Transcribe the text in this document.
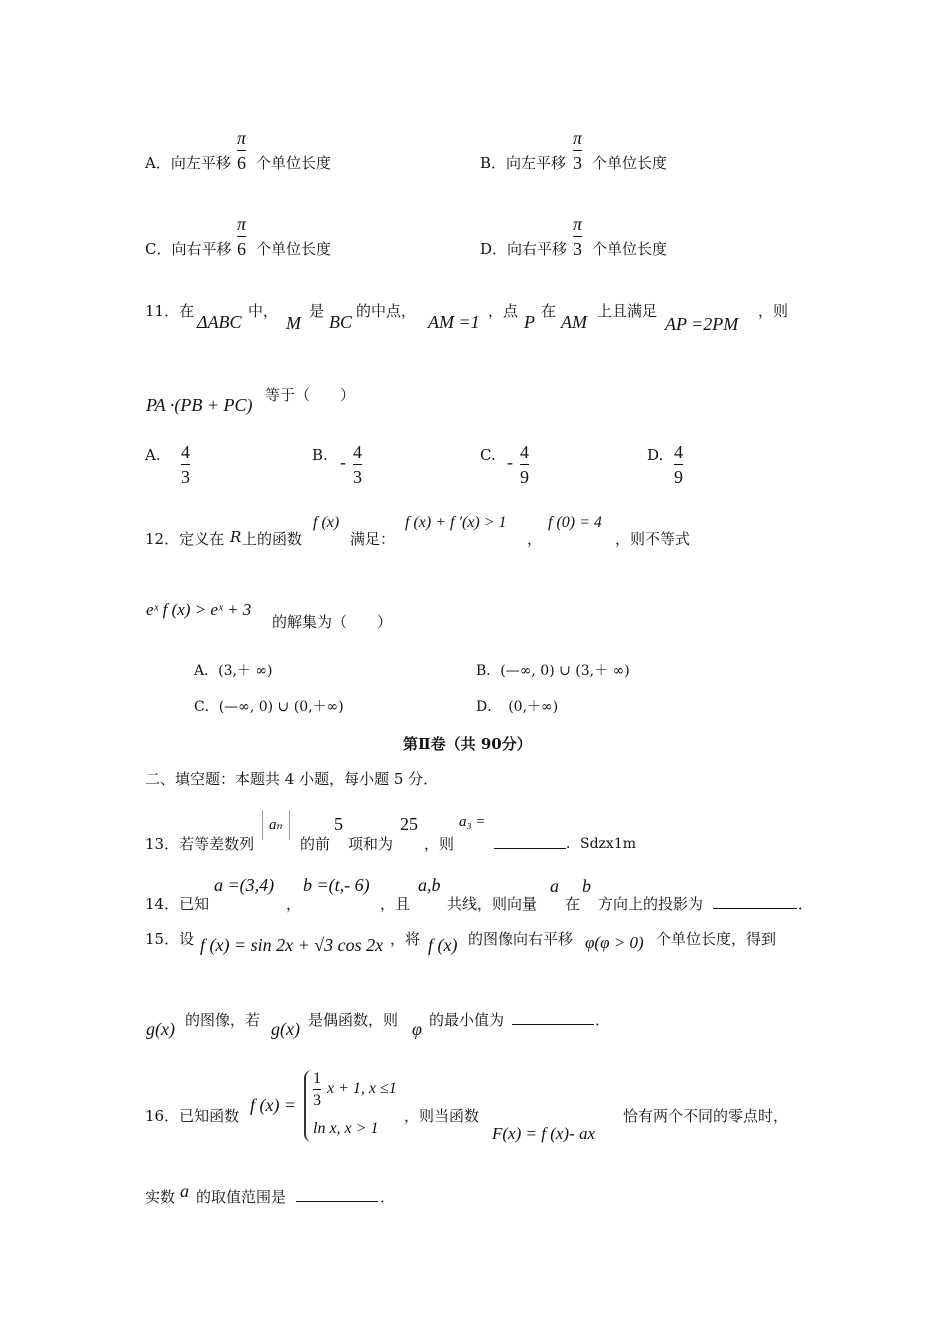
A．向左平移
π
6 个单位长度	B．向左平移
π
3 个单位长度
C．向右平移
π
6 个单位长度	D．向右平移
π
3 个单位长度
11．在
ΔABC
中，
M
是
BC
的中点，
AM =1
，点
P
在
AM
上且满足
AP =2PM
，则
PA ·(PB + PC) 等于（　　）
A. 4
3
B. - 4
3
C. - 4
9
D. 4
9
12．定义在 R 上的函数
f (x)
满足：
f (x) + f ′(x) > 1
，
f (0) = 4
，则不等式
eˣ f (x) > eˣ + 3
的解集为（　　）
A．(3,＋ ∞)	B．(—∞, 0) ∪ (3,＋ ∞)
C．(—∞, 0) ∪ (0,＋∞)	D．　(0,＋∞)
第Ⅱ卷（共 90分）
二、填空题：本题共 4 小题，每小题 5 分．
13．若等差数列
aₙ
的前
5
项和为
25
，则
a₃ =
．Sdzx1m
14．已知
a =(3,4)
，
b =(t,- 6)
，且
a,b
共线，则向量
a
在
b
方向上的投影为	．
15．设 f (x) = sin 2x + √3 cos 2x ，将 f (x) 的图像向右平移 φ(φ > 0) 个单位长度，得到
g(x) 的图像，若 g(x) 是偶函数，则 φ 的最小值为	．
16．已知函数
f (x) =
1
3
x + 1, x ≤1
ln x, x > 1
，则当函数
F(x) = f (x)- ax
恰有两个不同的零点时，
实数 a 的取值范围是	．
